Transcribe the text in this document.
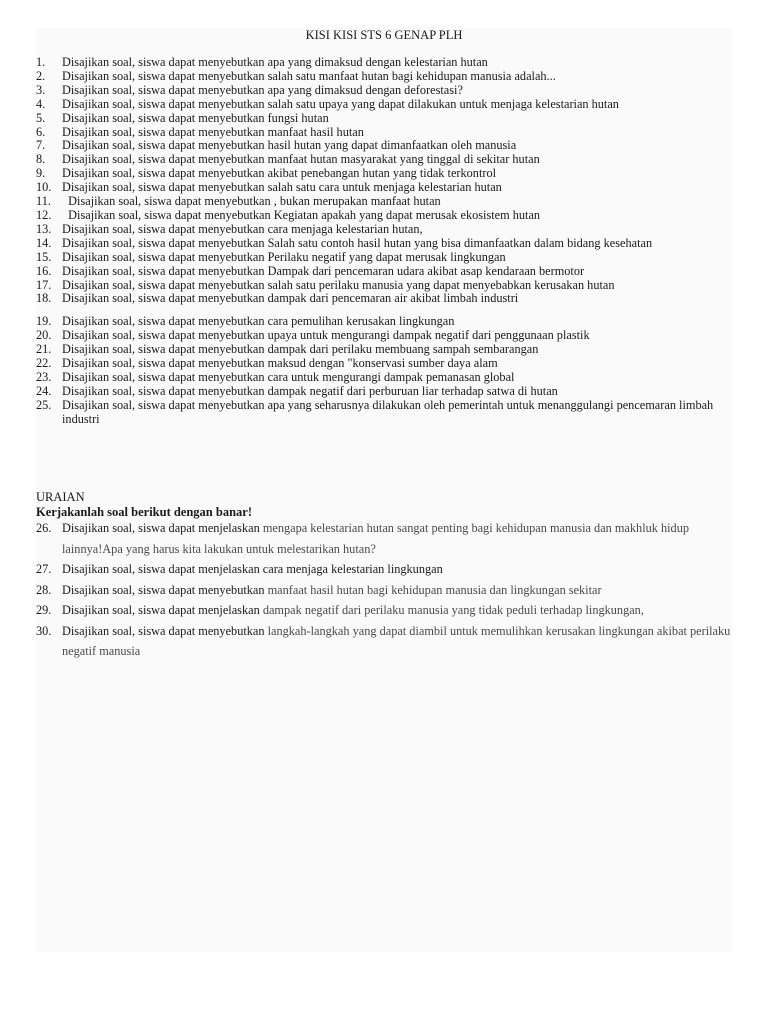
KISI KISI STS 6 GENAP PLH
1. Disajikan soal, siswa dapat menyebutkan apa yang dimaksud dengan kelestarian hutan
2. Disajikan soal, siswa dapat menyebutkan salah satu manfaat hutan bagi kehidupan manusia adalah...
3. Disajikan soal, siswa dapat menyebutkan apa yang dimaksud dengan deforestasi?
4. Disajikan soal, siswa dapat menyebutkan salah satu upaya yang dapat dilakukan untuk menjaga kelestarian hutan
5. Disajikan soal, siswa dapat menyebutkan fungsi hutan
6. Disajikan soal, siswa dapat menyebutkan manfaat hasil hutan
7. Disajikan soal, siswa dapat menyebutkan hasil hutan yang dapat dimanfaatkan oleh manusia
8. Disajikan soal, siswa dapat menyebutkan manfaat hutan masyarakat yang tinggal di sekitar hutan
9. Disajikan soal, siswa dapat menyebutkan akibat penebangan hutan yang tidak terkontrol
10. Disajikan soal, siswa dapat menyebutkan salah satu cara untuk menjaga kelestarian hutan
11. Disajikan soal, siswa dapat menyebutkan , bukan merupakan manfaat hutan
12. Disajikan soal, siswa dapat menyebutkan Kegiatan apakah yang dapat merusak ekosistem hutan
13. Disajikan soal, siswa dapat menyebutkan cara menjaga kelestarian hutan,
14. Disajikan soal, siswa dapat menyebutkan Salah satu contoh hasil hutan yang bisa dimanfaatkan dalam bidang kesehatan
15. Disajikan soal, siswa dapat menyebutkan Perilaku negatif yang dapat merusak lingkungan
16. Disajikan soal, siswa dapat menyebutkan Dampak dari pencemaran udara akibat asap kendaraan bermotor
17. Disajikan soal, siswa dapat menyebutkan salah satu perilaku manusia yang dapat menyebabkan kerusakan hutan
18. Disajikan soal, siswa dapat menyebutkan dampak dari pencemaran air akibat limbah industri
19. Disajikan soal, siswa dapat menyebutkan cara pemulihan kerusakan lingkungan
20. Disajikan soal, siswa dapat menyebutkan upaya untuk mengurangi dampak negatif dari penggunaan plastik
21. Disajikan soal, siswa dapat menyebutkan dampak dari perilaku membuang sampah sembarangan
22. Disajikan soal, siswa dapat menyebutkan maksud dengan "konservasi sumber daya alam
23. Disajikan soal, siswa dapat menyebutkan cara untuk mengurangi dampak pemanasan global
24. Disajikan soal, siswa dapat menyebutkan dampak negatif dari perburuan liar terhadap satwa di hutan
25. Disajikan soal, siswa dapat menyebutkan apa yang seharusnya dilakukan oleh pemerintah untuk menanggulangi pencemaran limbah industri
URAIAN
Kerjakanlah soal berikut dengan banar!
26. Disajikan soal, siswa dapat menjelaskan mengapa kelestarian hutan sangat penting bagi kehidupan manusia dan makhluk hidup lainnya!Apa yang harus kita lakukan untuk melestarikan hutan?
27. Disajikan soal, siswa dapat menjelaskan cara menjaga kelestarian lingkungan
28. Disajikan soal, siswa dapat menyebutkan manfaat hasil hutan bagi kehidupan manusia dan lingkungan sekitar
29. Disajikan soal, siswa dapat menjelaskan dampak negatif dari perilaku manusia yang tidak peduli terhadap lingkungan,
30. Disajikan soal, siswa dapat menyebutkan langkah-langkah yang dapat diambil untuk memulihkan kerusakan lingkungan akibat perilaku negatif manusia
